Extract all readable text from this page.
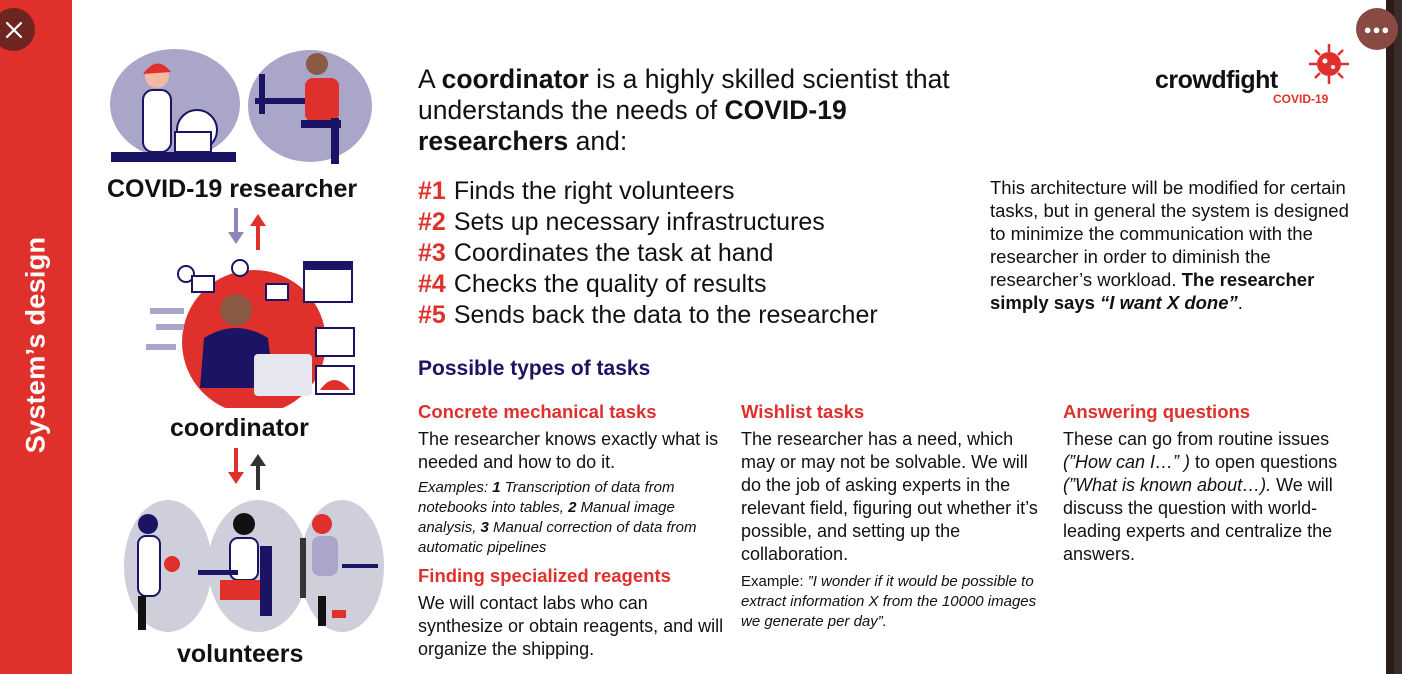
System’s design
COVID-19 researcher
coordinator
volunteers
A coordinator is a highly skilled scientist that understands the needs of COVID-19 researchers and:
#1 Finds the right volunteers
#2 Sets up necessary infrastructures
#3 Coordinates the task at hand
#4 Checks the quality of results
#5 Sends back the data to the researcher
This architecture will be modified for certain tasks, but in general the system is designed to minimize the communication with the researcher in order to diminish the researcher’s workload. The researcher simply says “I want X done”.
crowdfight
COVID-19
Possible types of tasks
Concrete mechanical tasks

The researcher knows exactly what is needed and how to do it.

Examples: 1 Transcription of data from notebooks into tables, 2 Manual image analysis, 3 Manual correction of data from automatic pipelines

Finding specialized reagents

We will contact labs who can synthesize or obtain reagents, and will organize the shipping.

Wishlist tasks

The researcher has a need, which may or may not be solvable. We will do the job of asking experts in the relevant field, figuring out whether it’s possible, and setting up the collaboration.

Example: ”I wonder if it would be possible to extract information X from the 10000 images we generate per day”.

Answering questions

These can go from routine issues (”How can I…” ) to open questions (”What is known about…). We will discuss the question with world-leading experts and centralize the answers.

●●●
